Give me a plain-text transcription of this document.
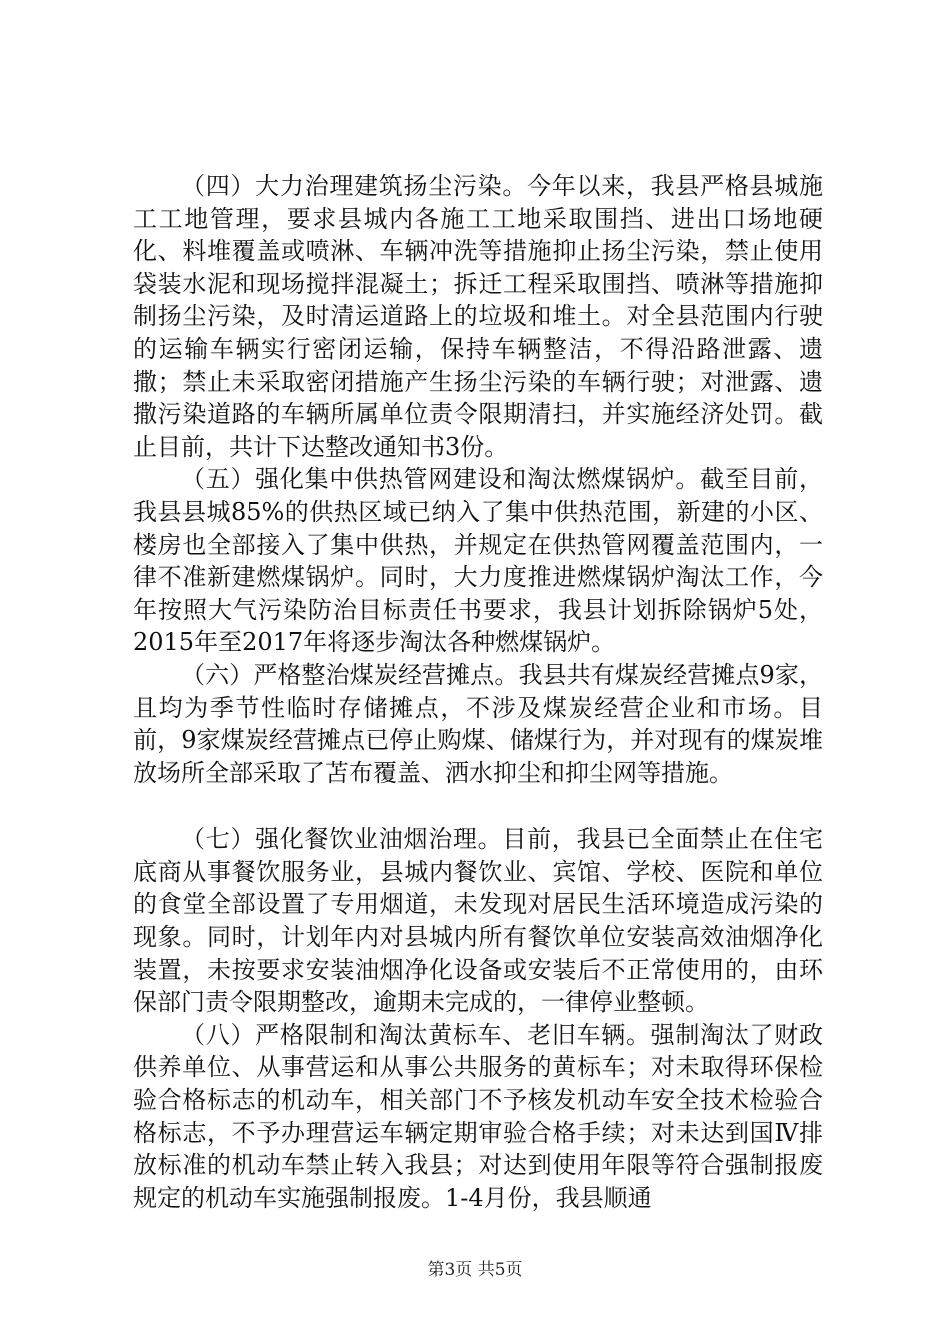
（四）大力治理建筑扬尘污染。今年以来，我县严格县城施工工地管理，要求县城内各施工工地采取围挡、进出口场地硬化、料堆覆盖或喷淋、车辆冲洗等措施抑止扬尘污染，禁止使用袋装水泥和现场搅拌混凝土；拆迁工程采取围挡、喷淋等措施抑制扬尘污染，及时清运道路上的垃圾和堆土。对全县范围内行驶的运输车辆实行密闭运输，保持车辆整洁，不得沿路泄露、遗撒；禁止未采取密闭措施产生扬尘污染的车辆行驶；对泄露、遗撒污染道路的车辆所属单位责令限期清扫，并实施经济处罚。截止目前，共计下达整改通知书3份。

（五）强化集中供热管网建设和淘汰燃煤锅炉。截至目前，我县县城85%的供热区域已纳入了集中供热范围，新建的小区、楼房也全部接入了集中供热，并规定在供热管网覆盖范围内，一律不准新建燃煤锅炉。同时，大力度推进燃煤锅炉淘汰工作，今年按照大气污染防治目标责任书要求，我县计划拆除锅炉5处，2015年至2017年将逐步淘汰各种燃煤锅炉。

（六）严格整治煤炭经营摊点。我县共有煤炭经营摊点9家，且均为季节性临时存储摊点，不涉及煤炭经营企业和市场。目前，9家煤炭经营摊点已停止购煤、储煤行为，并对现有的煤炭堆放场所全部采取了苫布覆盖、洒水抑尘和抑尘网等措施。

（七）强化餐饮业油烟治理。目前，我县已全面禁止在住宅底商从事餐饮服务业，县城内餐饮业、宾馆、学校、医院和单位的食堂全部设置了专用烟道，未发现对居民生活环境造成污染的现象。同时，计划年内对县城内所有餐饮单位安装高效油烟净化装置，未按要求安装油烟净化设备或安装后不正常使用的，由环保部门责令限期整改，逾期未完成的，一律停业整顿。

（八）严格限制和淘汰黄标车、老旧车辆。强制淘汰了财政供养单位、从事营运和从事公共服务的黄标车；对未取得环保检验合格标志的机动车，相关部门不予核发机动车安全技术检验合格标志，不予办理营运车辆定期审验合格手续；对未达到国Ⅳ排放标准的机动车禁止转入我县；对达到使用年限等符合强制报废规定的机动车实施强制报废。1-4月份，我县顺通

第3页 共5页
